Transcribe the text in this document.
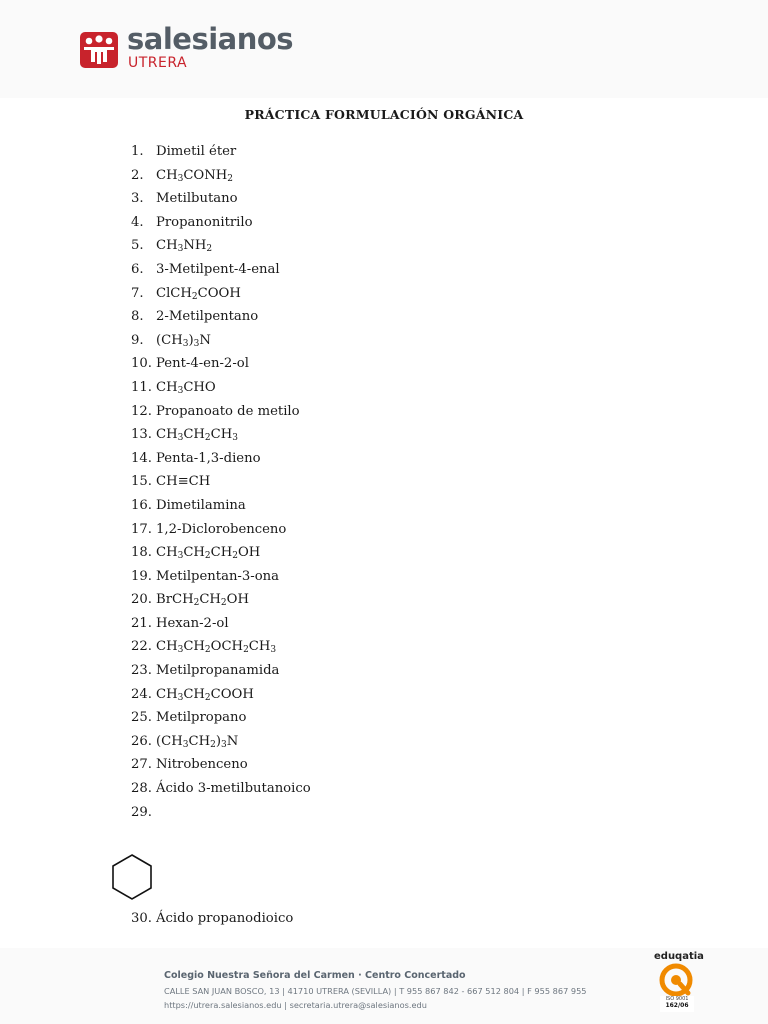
salesianos
UTRERA
PRÁCTICA FORMULACIÓN ORGÁNICA
1. Dimetil éter
2. $CH_3CONH_2$
3. Metilbutano
4. Propanonitrilo
5. $CH_3NH_2$
6. 3-Metilpent-4-enal
7. ClCH$_2$COOH
8. 2-Metilpentano
9. $(CH_3)_3N$
10. Pent-4-en-2-ol
11. $CH_3CHO$
12. Propanoato de metilo
13. $CH_3CH_2CH_3$
14. Penta-1,3-dieno
15. CH≡CH
16. Dimetilamina
17. 1,2-Diclorobenceno
18. $CH_3CH_2CH_2OH$
19. Metilpentan-3-ona
20. $BrCH_2CH_2OH$
21. Hexan-2-ol
22. $CH_3CH_2OCH_2CH_3$
23. Metilpropanamida
24. $CH_3CH_2COOH$
25. Metilpropano
26. $(CH_3CH_2)_3N$
27. Nitrobenceno
28. Ácido 3-metilbutanoico
29.
30. Ácido propanodioico
Colegio Nuestra Señora del Carmen · Centro Concertado
CALLE SAN JUAN BOSCO, 13 | 41710 UTRERA (SEVILLA) | T 955 867 842 - 667 512 804 | F 955 867 955
https://utrera.salesianos.edu | secretaria.utrera@salesianos.edu
eduqatia
ISO 9001
162/06
